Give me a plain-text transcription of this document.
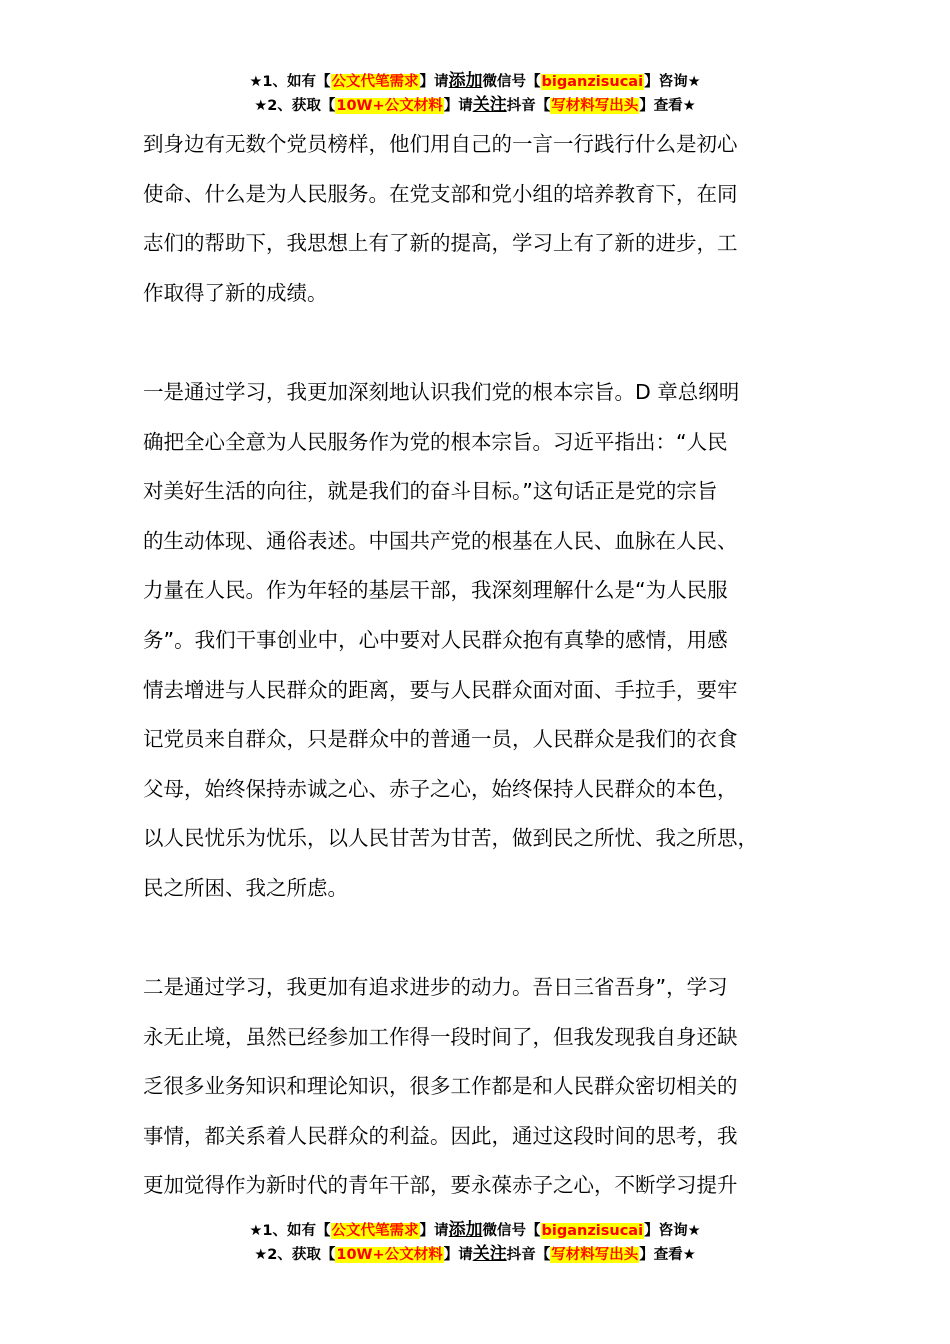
★1、如有【公文代笔需求】请添加微信号【biganzisucai】咨询★
★2、获取【10W+公文材料】请关注抖音【写材料写出头】查看★
到身边有无数个党员榜样，他们用自己的一言一行践行什么是初心
使命、什么是为人民服务。在党支部和党小组的培养教育下，在同
志们的帮助下，我思想上有了新的提高，学习上有了新的进步，工
作取得了新的成绩。
一是通过学习，我更加深刻地认识我们党的根本宗旨。D 章总纲明
确把全心全意为人民服务作为党的根本宗旨。习近平指出：“人民
对美好生活的向往，就是我们的奋斗目标。”这句话正是党的宗旨
的生动体现、通俗表述。中国共产党的根基在人民、血脉在人民、
力量在人民。作为年轻的基层干部，我深刻理解什么是“为人民服
务”。我们干事创业中，心中要对人民群众抱有真挚的感情，用感
情去增进与人民群众的距离，要与人民群众面对面、手拉手，要牢
记党员来自群众，只是群众中的普通一员，人民群众是我们的衣食
父母，始终保持赤诚之心、赤子之心，始终保持人民群众的本色，
以人民忧乐为忧乐，以人民甘苦为甘苦，做到民之所忧、我之所思，
民之所困、我之所虑。
二是通过学习，我更加有追求进步的动力。吾日三省吾身”，学习
永无止境，虽然已经参加工作得一段时间了，但我发现我自身还缺
乏很多业务知识和理论知识，很多工作都是和人民群众密切相关的
事情，都关系着人民群众的利益。因此，通过这段时间的思考，我
更加觉得作为新时代的青年干部，要永葆赤子之心，不断学习提升
★1、如有【公文代笔需求】请添加微信号【biganzisucai】咨询★
★2、获取【10W+公文材料】请关注抖音【写材料写出头】查看★
